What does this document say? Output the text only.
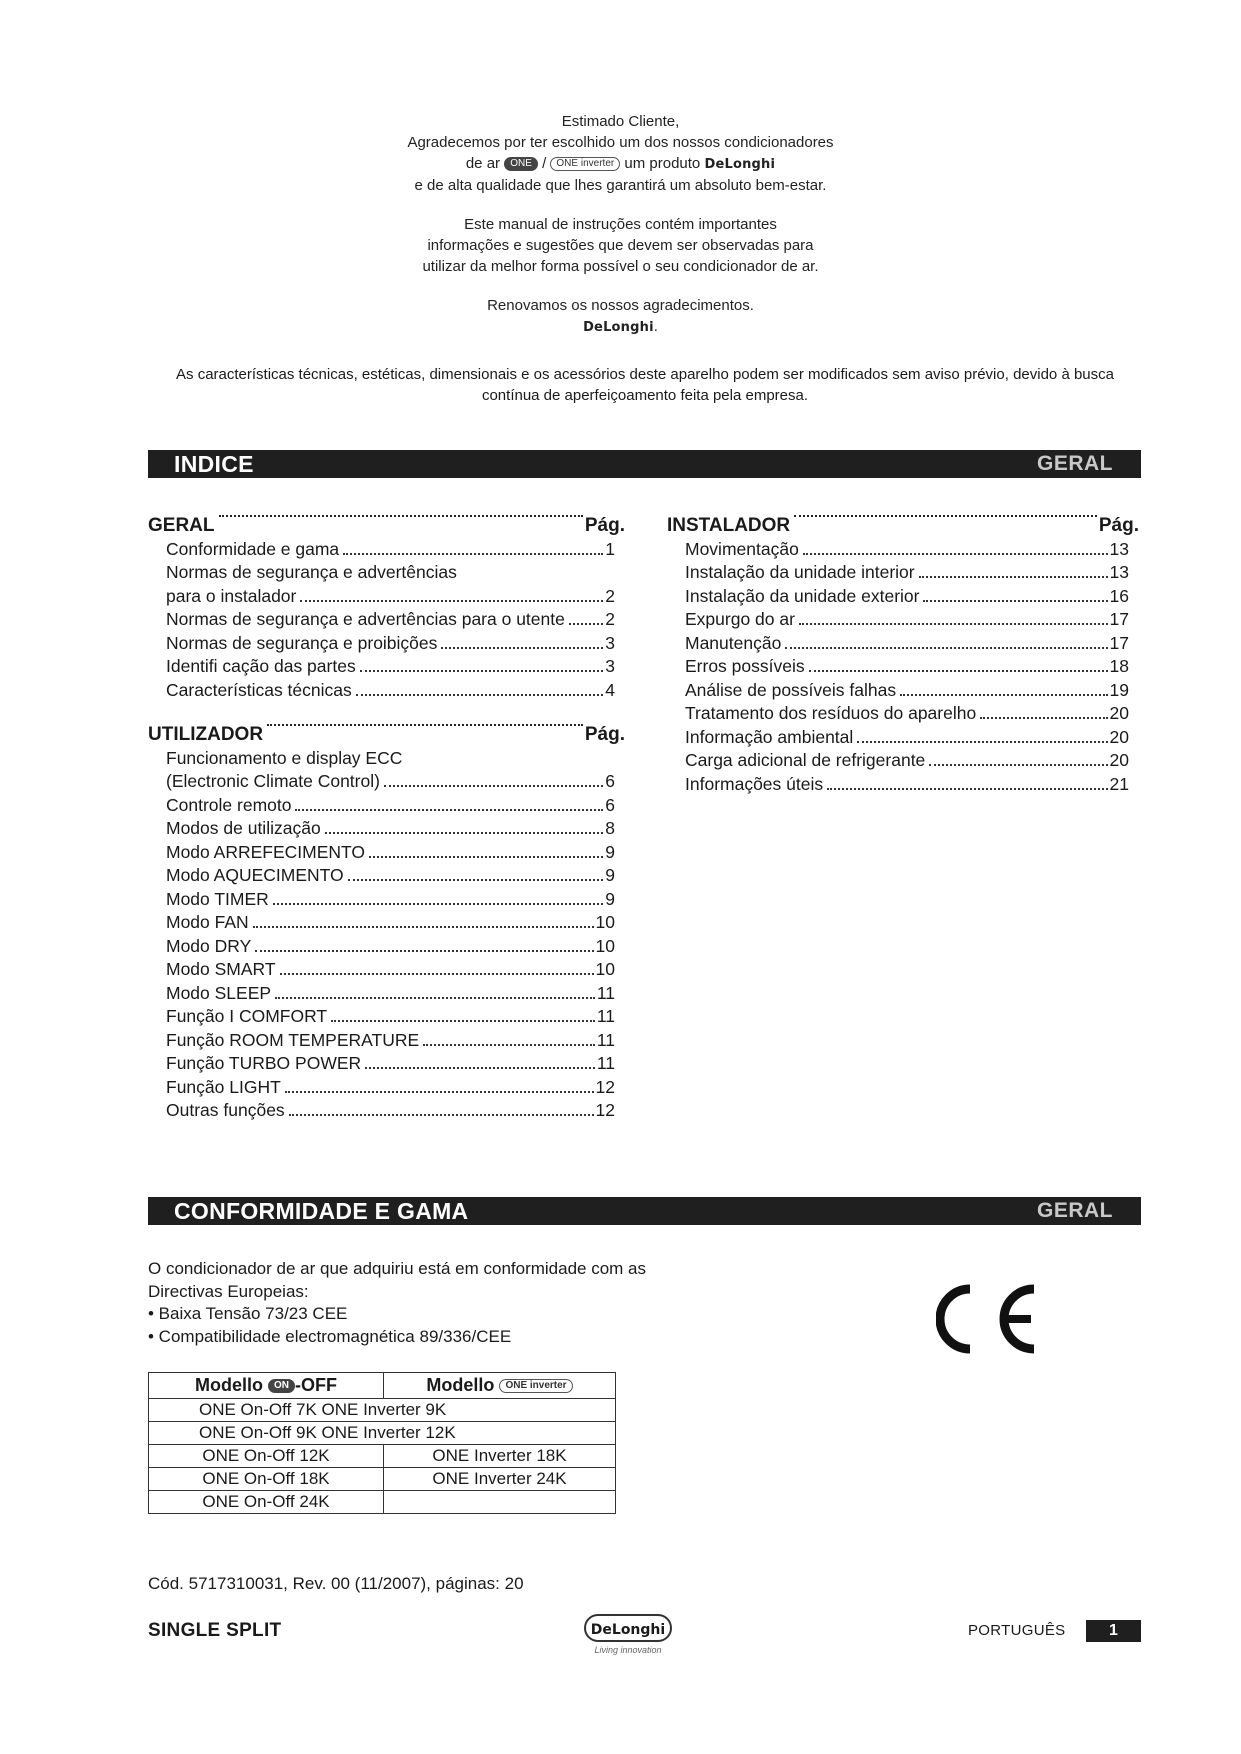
Estimado Cliente,
Agradecemos por ter escolhido um dos nossos condicionadores
de ar ONE / ONE inverter um produto DeLonghi
e de alta qualidade que lhes garantirá um absoluto bem-estar.
Este manual de instruções contém importantes
informações e sugestões que devem ser observadas para
utilizar da melhor forma possível o seu condicionador de ar.
Renovamos os nossos agradecimentos.
DeLonghi.
As características técnicas, estéticas, dimensionais e os acessórios deste aparelho podem ser modificados sem aviso prévio, devido à busca
contínua de aperfeiçoamento feita pela empresa.
INDICE	GERAL
GERAL	Pág.
Conformidade e gama	1
Normas de segurança e advertências
para o instalador	2
Normas de segurança e advertências para o utente 2
Normas de segurança e proibições	3
Identifi cação das partes	3
Características técnicas	4
UTILIZADOR	Pág.
Funcionamento e display ECC
(Electronic Climate Control)	6
Controle remoto	6
Modos de utilização	8
Modo ARREFECIMENTO	9
Modo AQUECIMENTO	9
Modo TIMER	9
Modo FAN	10
Modo DRY	10
Modo SMART	10
Modo SLEEP	11
Função I COMFORT	11
Função ROOM TEMPERATURE	11
Função TURBO POWER	11
Função LIGHT	12
Outras funções	12
INSTALADOR	Pág.
Movimentação	13
Instalação da unidade interior	13
Instalação da unidade exterior	16
Expurgo do ar	17
Manutenção	17
Erros possíveis	18
Análise de possíveis falhas	19
Tratamento dos resíduos do aparelho	20
Informação ambiental	20
Carga adicional de refrigerante	20
Informações úteis	21
CONFORMIDADE E GAMA	GERAL
O condicionador de ar que adquiriu está em conformidade com as
Directivas Europeias:
• Baixa Tensão 73/23 CEE
• Compatibilidade electromagnética 89/336/CEE
Modello ON -OFF	Modello ONE inverter
ONE On-Off 7K ONE Inverter 9K	
ONE On-Off 9K ONE Inverter 12K	
ONE On-Off 12K	ONE Inverter 18K
ONE On-Off 18K	ONE Inverter 24K
ONE On-Off 24K	
Cód. 5717310031, Rev. 00 (11/2007), páginas: 20
SINGLE SPLIT	DeLonghi
Living innovation
PORTUGUÊS	1
